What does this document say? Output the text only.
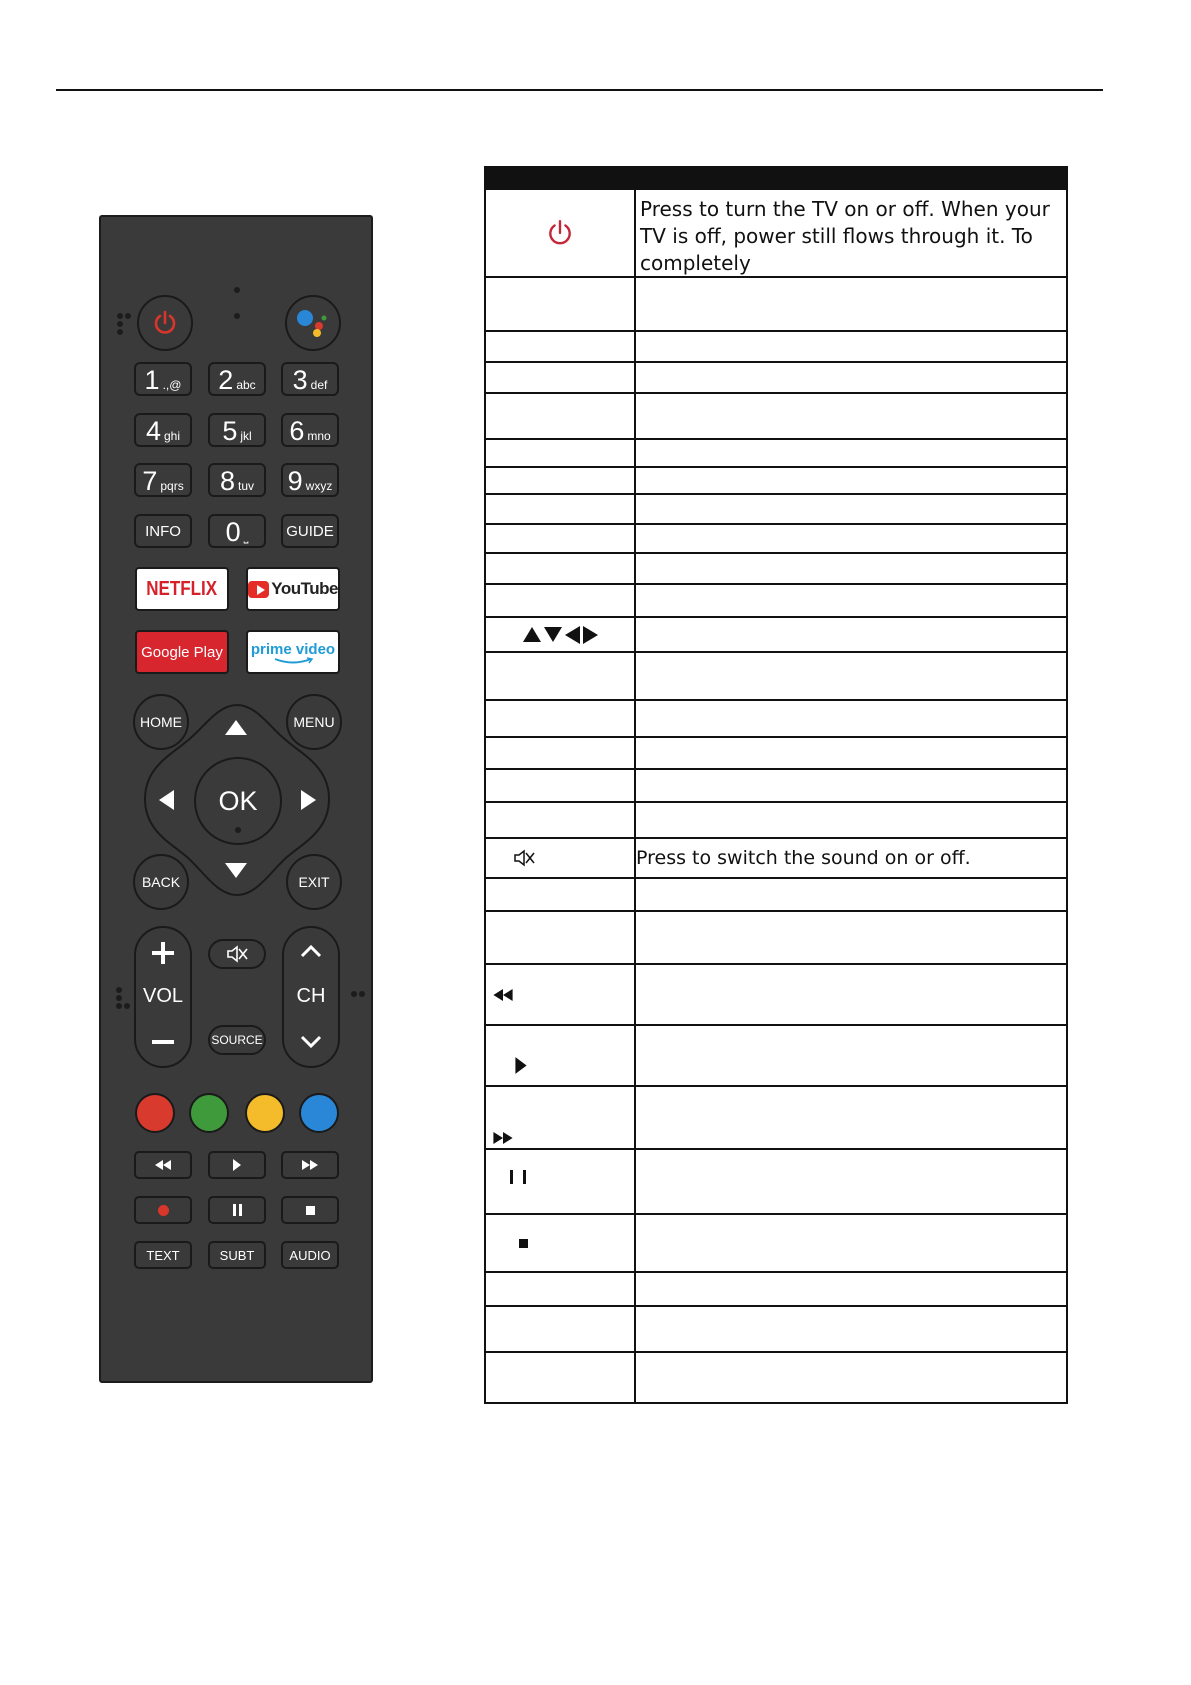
1 .,@ 2 abc 3 def
4 ghi 5 jkl 6 mno
7 pqrs 8 tuv 9 wxyz
INFO	0 ⎵	GUIDE
NETFLIX	YouTube
Google Play prime video
OK
HOME	MENU
BACK	EXIT
VOL
SOURCE
CH
TEXT	SUBT	AUDIO
Press to turn the TV on or off. When your TV is off, power still flows through it. To completely
Press to switch the sound on or off.
